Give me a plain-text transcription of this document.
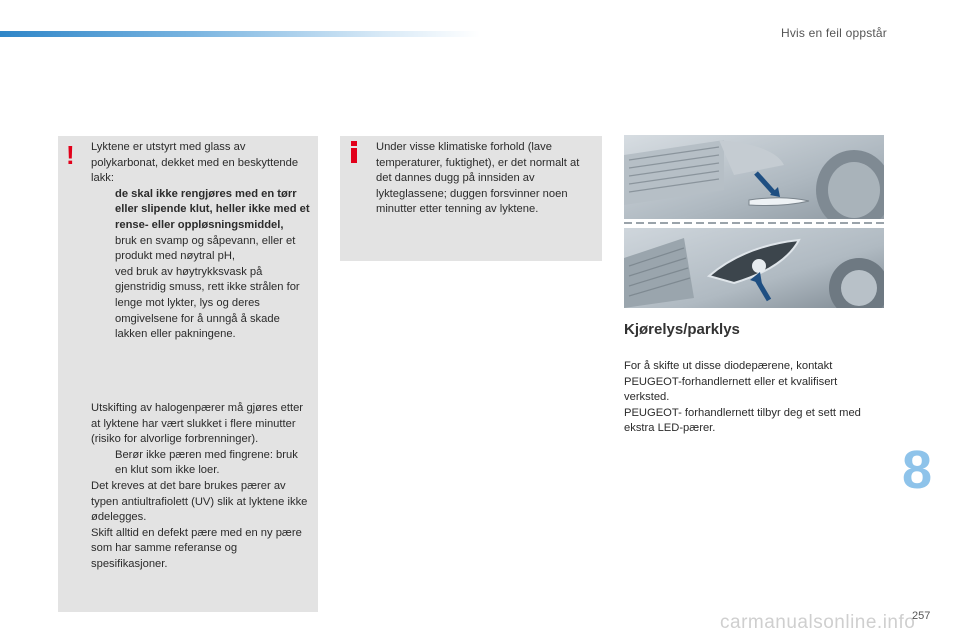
Hvis en feil oppstår
! Lyktene er utstyrt med glass av polykarbonat, dekket med en beskyttende lakk:
de skal ikke rengjøres med en tørr eller slipende klut, heller ikke med et rense- eller oppløsningsmiddel,
bruk en svamp og såpevann, eller et produkt med nøytral pH,
ved bruk av høytrykksvask på gjenstridig smuss, rett ikke strålen for lenge mot lykter, lys og deres omgivelsene for å unngå å skade lakken eller pakningene.
Utskifting av halogenpærer må gjøres etter at lyktene har vært slukket i flere minutter (risiko for alvorlige forbrenninger).
Berør ikke pæren med fingrene: bruk en klut som ikke loer.
Det kreves at det bare brukes pærer av typen antiultrafiolett (UV) slik at lyktene ikke ødelegges.
Skift alltid en defekt pære med en ny pære som har samme referanse og spesifikasjoner.
Under visse klimatiske forhold (lave temperaturer, fuktighet), er det normalt at det dannes dugg på innsiden av lykteglassene; duggen forsvinner noen minutter etter tenning av lyktene.
Kjørelys/parklys
For å skifte ut disse diodepærene, kontakt PEUGEOT-forhandlernett eller et kvalifisert verksted.
PEUGEOT- forhandlernett tilbyr deg et sett med ekstra LED-pærer.
8
carmanualsonline.info
257
